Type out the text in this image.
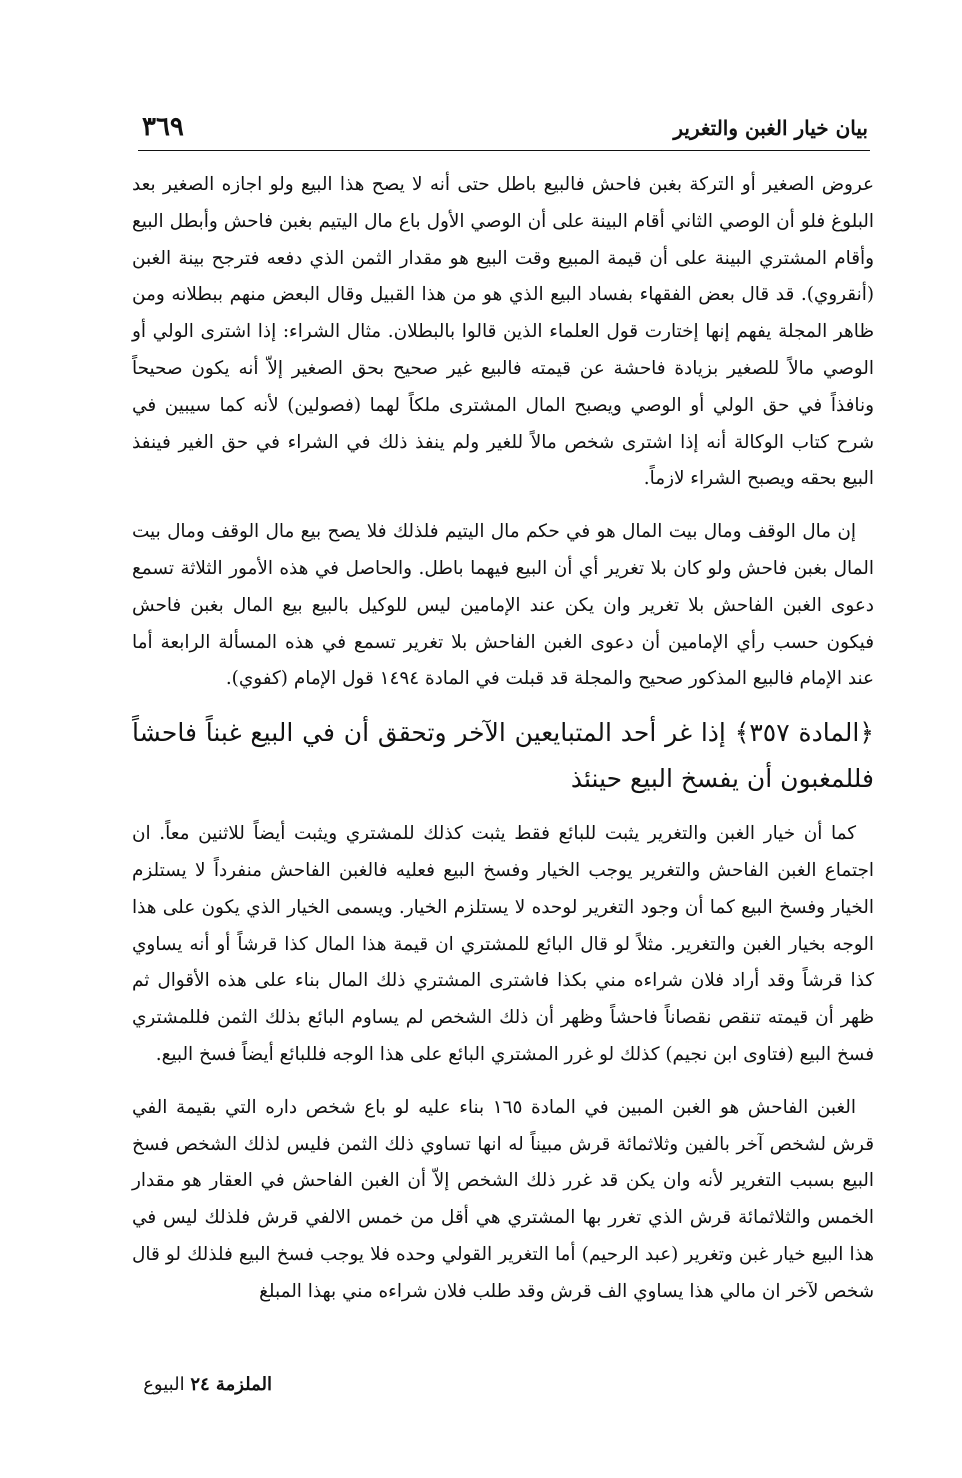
بيان خيار الغبن والتغرير
٣٦٩

عروض الصغير أو التركة بغبن فاحش فالبيع باطل حتى أنه لا يصح هذا البيع ولو اجازه الصغير بعد البلوغ فلو أن الوصي الثاني أقام البينة على أن الوصي الأول باع مال اليتيم بغبن فاحش وأبطل البيع وأقام المشتري البينة على أن قيمة المبيع وقت البيع هو مقدار الثمن الذي دفعه فترجح بينة الغبن (أنقروي). قد قال بعض الفقهاء بفساد البيع الذي هو من هذا القبيل وقال البعض منهم ببطلانه ومن ظاهر المجلة يفهم إنها إختارت قول العلماء الذين قالوا بالبطلان. مثال الشراء: إذا اشترى الولي أو الوصي مالاً للصغير بزيادة فاحشة عن قيمته فالبيع غير صحيح بحق الصغير إلاّ أنه يكون صحيحاً ونافذاً في حق الولي أو الوصي ويصبح المال المشترى ملكاً لهما (فصولين) لأنه كما سيبين في شرح كتاب الوكالة أنه إذا اشترى شخص مالاً للغير ولم ينفذ ذلك في الشراء في حق الغير فينفذ البيع بحقه ويصبح الشراء لازماً.

إن مال الوقف ومال بيت المال هو في حكم مال اليتيم فلذلك فلا يصح بيع مال الوقف ومال بيت المال بغبن فاحش ولو كان بلا تغرير أي أن البيع فيهما باطل. والحاصل في هذه الأمور الثلاثة تسمع دعوى الغبن الفاحش بلا تغرير وان يكن عند الإمامين ليس للوكيل بالبيع بيع المال بغبن فاحش فيكون حسب رأي الإمامين أن دعوى الغبن الفاحش بلا تغرير تسمع في هذه المسألة الرابعة أما عند الإمام فالبيع المذكور صحيح والمجلة قد قبلت في المادة ١٤٩٤ قول الإمام (كفوي).

﴿المادة ٣٥٧﴾ إذا غر أحد المتبايعين الآخر وتحقق أن في البيع غبناً فاحشاً فللمغبون أن يفسخ البيع حينئذ

كما أن خيار الغبن والتغرير يثبت للبائع فقط يثبت كذلك للمشتري ويثبت أيضاً للاثنين معاً. ان اجتماع الغبن الفاحش والتغرير يوجب الخيار وفسخ البيع فعليه فالغبن الفاحش منفرداً لا يستلزم الخيار وفسخ البيع كما أن وجود التغرير لوحده لا يستلزم الخيار. ويسمى الخيار الذي يكون على هذا الوجه بخيار الغبن والتغرير. مثلاً لو قال البائع للمشتري ان قيمة هذا المال كذا قرشاً أو أنه يساوي كذا قرشاً وقد أراد فلان شراءه مني بكذا فاشترى المشتري ذلك المال بناء على هذه الأقوال ثم ظهر أن قيمته تنقص نقصاناً فاحشاً وظهر أن ذلك الشخص لم يساوم البائع بذلك الثمن فللمشتري فسخ البيع (فتاوى ابن نجيم) كذلك لو غرر المشتري البائع على هذا الوجه فللبائع أيضاً فسخ البيع.

الغبن الفاحش هو الغبن المبين في المادة ١٦٥ بناء عليه لو باع شخص داره التي بقيمة الفي قرش لشخص آخر بالفين وثلاثمائة قرش مبيناً له انها تساوي ذلك الثمن فليس لذلك الشخص فسخ البيع بسبب التغرير لأنه وان يكن قد غرر ذلك الشخص إلاّ أن الغبن الفاحش في العقار هو مقدار الخمس والثلاثمائة قرش الذي تغرر بها المشتري هي أقل من خمس الالفي قرش فلذلك ليس في هذا البيع خيار غبن وتغرير (عبد الرحيم) أما التغرير القولي وحده فلا يوجب فسخ البيع فلذلك لو قال شخص لآخر ان مالي هذا يساوي الف قرش وقد طلب فلان شراءه مني بهذا المبلغ

الملزمة ٢٤ البيوع
